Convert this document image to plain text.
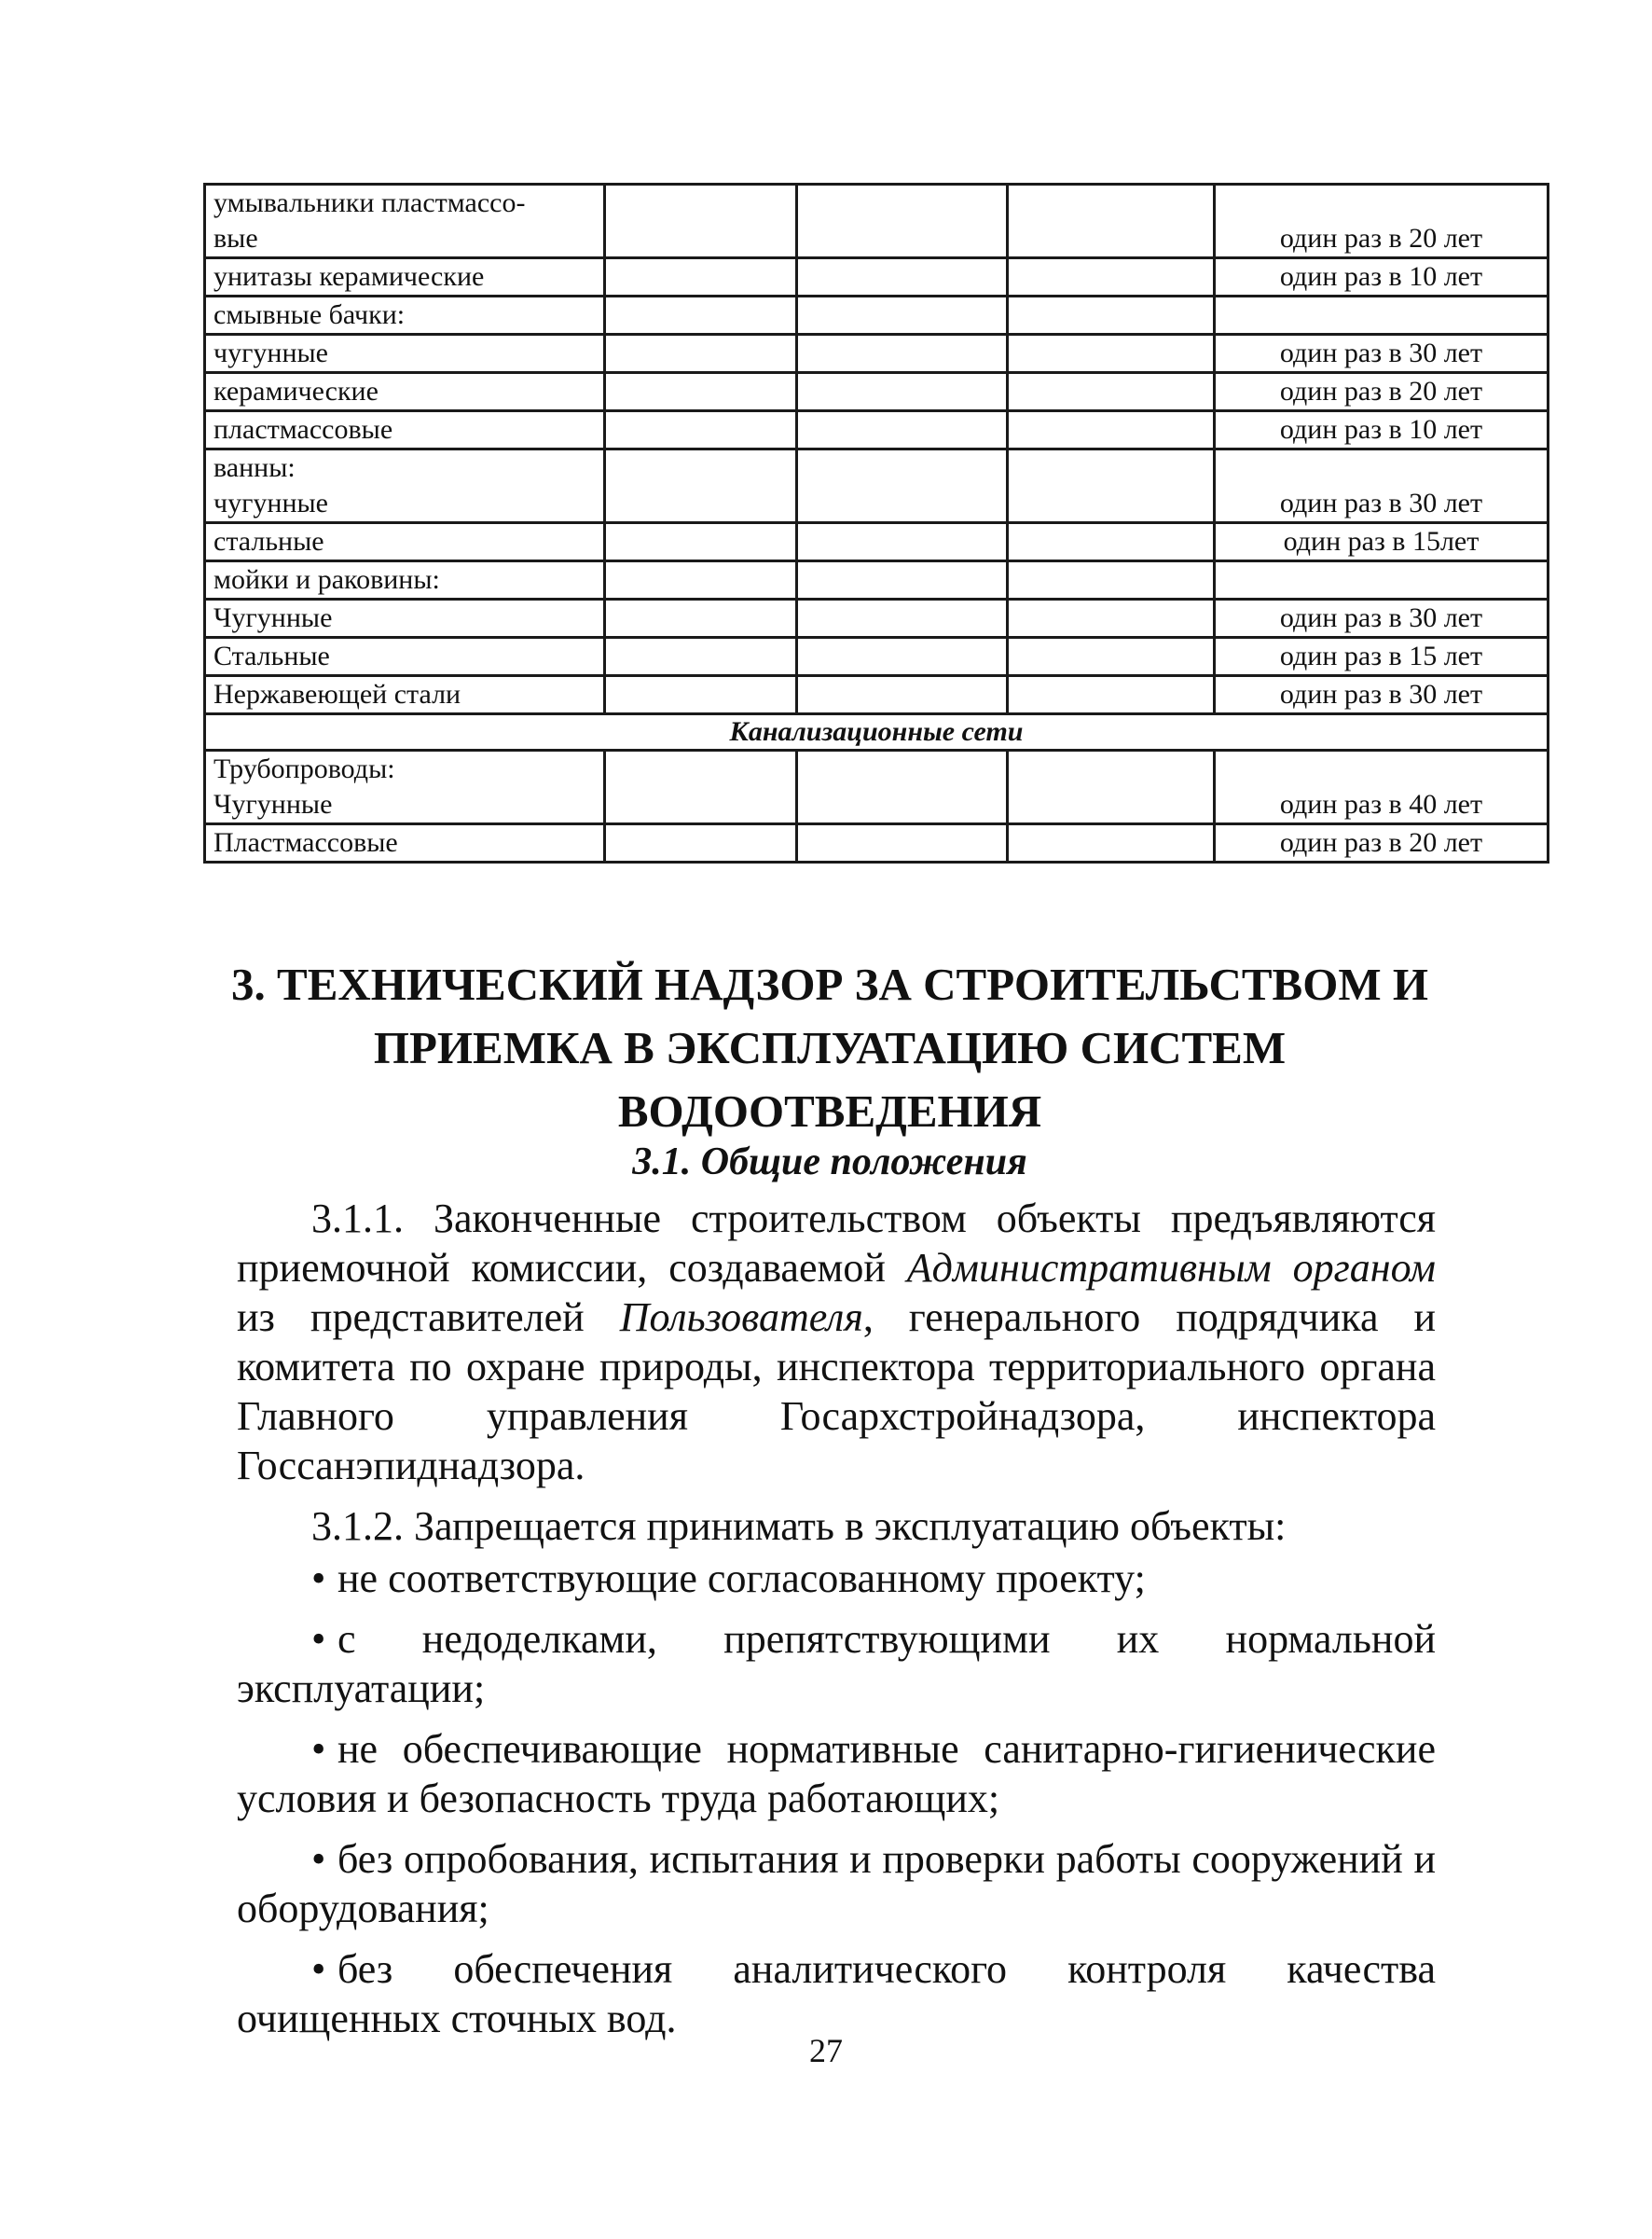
умывальники пластмассо-
вые				один раз в 20 лет
унитазы керамические				один раз в 10 лет
смывные бачки:				
чугунные				один раз в 30 лет
керамические				один раз в 20 лет
пластмассовые				один раз в 10 лет
ванны:
чугунные				один раз в 30 лет
стальные				один раз в 15лет
мойки и раковины:				
Чугунные				один раз в 30 лет
Стальные				один раз в 15 лет
Нержавеющей стали				один раз в 30 лет
Канализационные сети				
Трубопроводы:
Чугунные				один раз в 40 лет
Пластмассовые				один раз в 20 лет
3. ТЕХНИЧЕСКИЙ НАДЗОР ЗА СТРОИТЕЛЬСТВОМ И ПРИЕМКА В ЭКСПЛУАТАЦИЮ СИСТЕМ ВОДООТВЕДЕНИЯ
3.1. Общие положения

3.1.1. Законченные строительством объекты предъявляются приемочной комиссии, создаваемой Административным органом из представителей Пользователя, генерального подрядчика и комитета по охране природы, инспектора территориального органа Главного управления Госархстройнадзора, инспектора Госсанэпиднадзора.

3.1.2. Запрещается принимать в эксплуатацию объекты:

• не соответствующие согласованному проекту;
• с недоделками, препятствующими их нормальной эксплуатации;
• не обеспечивающие нормативные санитарно-гигиенические условия и безопасность труда работающих;
• без опробования, испытания и проверки работы сооружений и оборудования;
• без обеспечения аналитического контроля качества очищенных сточных вод.
27
